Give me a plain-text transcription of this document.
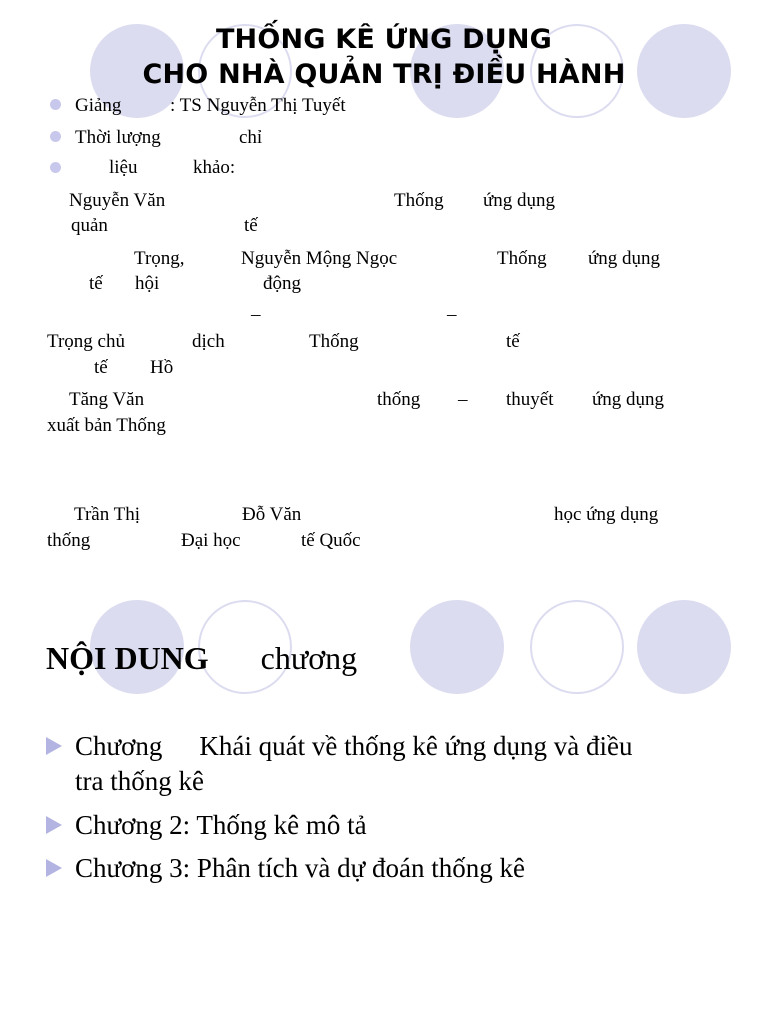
THỐNG KÊ ỨNG DỤNG
CHO NHÀ QUẢN TRỊ ĐIỀU HÀNH
Giảng	: TS Nguyễn Thị Tuyết
Thời lượng	chỉ
liệu	khảo:
Nguyễn Văn	Thống ứng dụng
quản	tế
Trọng,	Nguyễn Mộng Ngọc	Thống ứng dụng
tế hội	động
–	–
Trọng chủ	dịch	Thống	tế
tế Hồ
Tăng Văn	thống – thuyết ứng dụng
xuất bản Thống
Trần Thị	Đỗ Văn	học ứng dụng
thống	Đại học	tế Quốc
NỘI DUNG chương
Chương Khái quát về thống kê ứng dụng và điều
tra thống kê
Chương 2: Thống kê mô tả
Chương 3: Phân tích và dự đoán thống kê
